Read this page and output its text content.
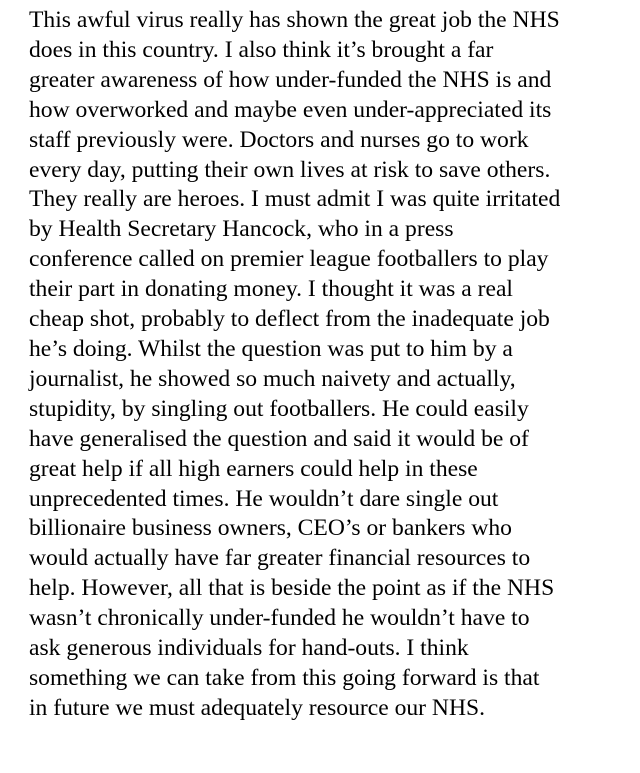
This awful virus really has shown the great job the NHS
does in this country. I also think it’s brought a far
greater awareness of how under-funded the NHS is and
how overworked and maybe even under-appreciated its
staff previously were. Doctors and nurses go to work
every day, putting their own lives at risk to save others.
They really are heroes. I must admit I was quite irritated
by Health Secretary Hancock, who in a press
conference called on premier league footballers to play
their part in donating money. I thought it was a real
cheap shot, probably to deflect from the inadequate job
he’s doing. Whilst the question was put to him by a
journalist, he showed so much naivety and actually,
stupidity, by singling out footballers. He could easily
have generalised the question and said it would be of
great help if all high earners could help in these
unprecedented times. He wouldn’t dare single out
billionaire business owners, CEO’s or bankers who
would actually have far greater financial resources to
help. However, all that is beside the point as if the NHS
wasn’t chronically under-funded he wouldn’t have to
ask generous individuals for hand-outs. I think
something we can take from this going forward is that
in future we must adequately resource our NHS.
